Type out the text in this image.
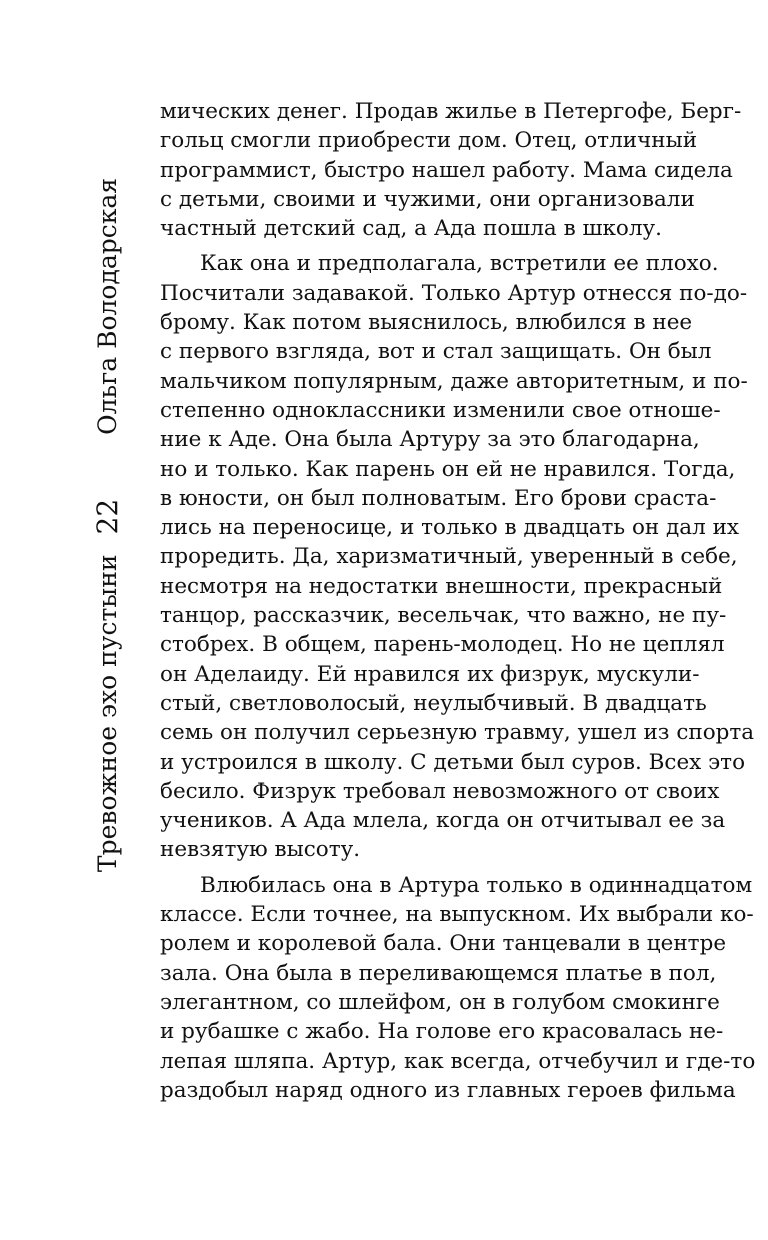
Тревожное эхо пустыни
22
Ольга Володарская
мических денег. Продав жилье в Петергофе, Берг-
гольц смогли приобрести дом. Отец, отличный
программист, быстро нашел работу. Мама сидела
с детьми, своими и чужими, они организовали
частный детский сад, а Ада пошла в школу.
Как она и предполагала, встретили ее плохо.
Посчитали задавакой. Только Артур отнесся по-до-
брому. Как потом выяснилось, влюбился в нее
с первого взгляда, вот и стал защищать. Он был
мальчиком популярным, даже авторитетным, и по-
степенно одноклассники изменили свое отноше-
ние к Аде. Она была Артуру за это благодарна,
но и только. Как парень он ей не нравился. Тогда,
в юности, он был полноватым. Его брови сраста-
лись на переносице, и только в двадцать он дал их
проредить. Да, харизматичный, уверенный в себе,
несмотря на недостатки внешности, прекрасный
танцор, рассказчик, весельчак, что важно, не пу-
стобрех. В общем, парень-молодец. Но не цеплял
он Аделаиду. Ей нравился их физрук, мускули-
стый, светловолосый, неулыбчивый. В двадцать
семь он получил серьезную травму, ушел из спорта
и устроился в школу. С детьми был суров. Всех это
бесило. Физрук требовал невозможного от своих
учеников. А Ада млела, когда он отчитывал ее за
невзятую высоту.
Влюбилась она в Артура только в одиннадцатом
классе. Если точнее, на выпускном. Их выбрали ко-
ролем и королевой бала. Они танцевали в центре
зала. Она была в переливающемся платье в пол,
элегантном, со шлейфом, он в голубом смокинге
и рубашке с жабо. На голове его красовалась не-
лепая шляпа. Артур, как всегда, отчебучил и где-то
раздобыл наряд одного из главных героев фильма
